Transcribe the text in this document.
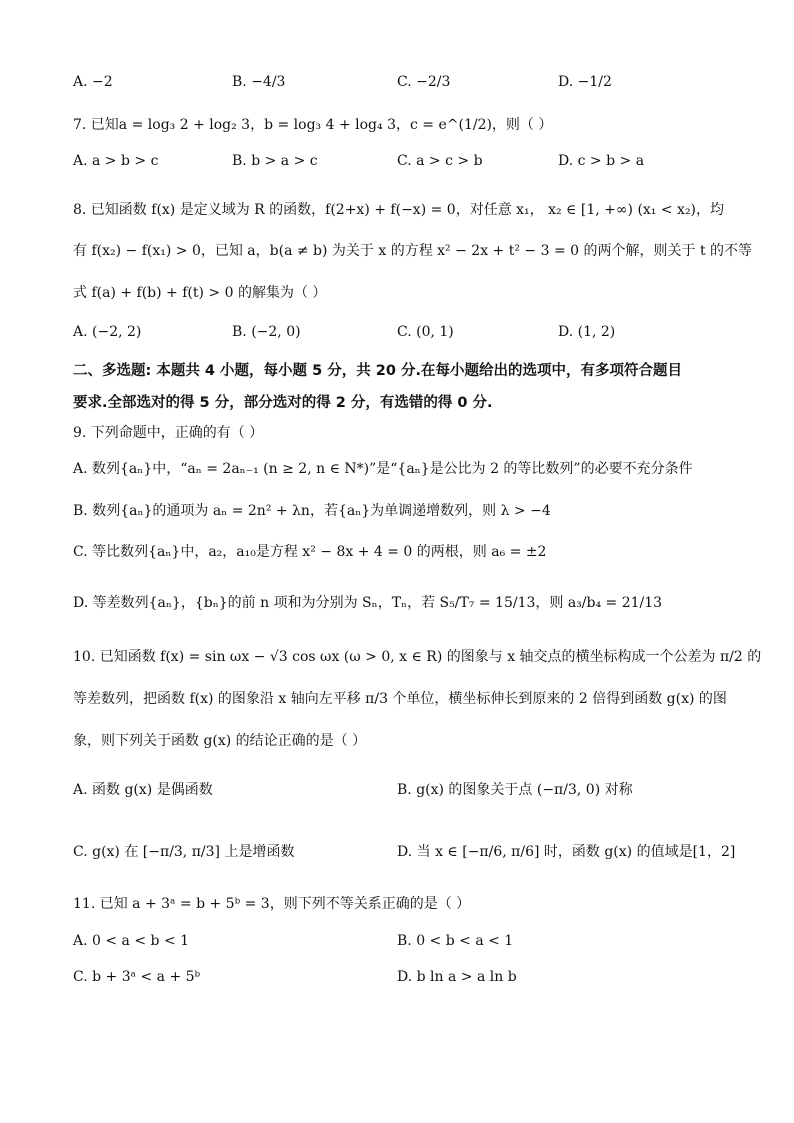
A. −2	B. −4/3	C. −2/3	D. −1/2
7. 已知a = log₃ 2 + log₂ 3，b = log₃ 4 + log₄ 3，c = e^(1/2)，则（ ）
A. a > b > c	B. b > a > c	C. a > c > b	D. c > b > a
8. 已知函数 f(x) 是定义域为 R 的函数，f(2+x) + f(−x) = 0，对任意 x₁， x₂ ∈ [1, +∞) (x₁ < x₂)，均
有 f(x₂) − f(x₁) > 0，已知 a，b(a ≠ b) 为关于 x 的方程 x² − 2x + t² − 3 = 0 的两个解，则关于 t 的不等
式 f(a) + f(b) + f(t) > 0 的解集为（ ）
A. (−2, 2)	B. (−2, 0)	C. (0, 1)	D. (1, 2)
二、多选题: 本题共 4 小题，每小题 5 分，共 20 分.在每小题给出的选项中，有多项符合题目
要求.全部选对的得 5 分，部分选对的得 2 分，有选错的得 0 分.
9. 下列命题中，正确的有（ ）
A. 数列{aₙ}中，“aₙ = 2aₙ₋₁ (n ≥ 2, n ∈ N*)”是“{aₙ}是公比为 2 的等比数列”的必要不充分条件
B. 数列{aₙ}的通项为 aₙ = 2n² + λn，若{aₙ}为单调递增数列，则 λ > −4
C. 等比数列{aₙ}中，a₂，a₁₀是方程 x² − 8x + 4 = 0 的两根，则 a₆ = ±2
D. 等差数列{aₙ}，{bₙ}的前 n 项和为分别为 Sₙ，Tₙ，若 S₅/T₇ = 15/13，则 a₃/b₄ = 21/13
10. 已知函数 f(x) = sin ωx − √3 cos ωx (ω > 0, x ∈ R) 的图象与 x 轴交点的横坐标构成一个公差为 π/2 的
等差数列，把函数 f(x) 的图象沿 x 轴向左平移 π/3 个单位，横坐标伸长到原来的 2 倍得到函数 g(x) 的图
象，则下列关于函数 g(x) 的结论正确的是（ ）
A. 函数 g(x) 是偶函数	B. g(x) 的图象关于点 (−π/3, 0) 对称
C. g(x) 在 [−π/3, π/3] 上是增函数	D. 当 x ∈ [−π/6, π/6] 时，函数 g(x) 的值域是[1，2]
11. 已知 a + 3ᵃ = b + 5ᵇ = 3，则下列不等关系正确的是（ ）
A. 0 < a < b < 1	B. 0 < b < a < 1
C. b + 3ᵃ < a + 5ᵇ	D. b ln a > a ln b
